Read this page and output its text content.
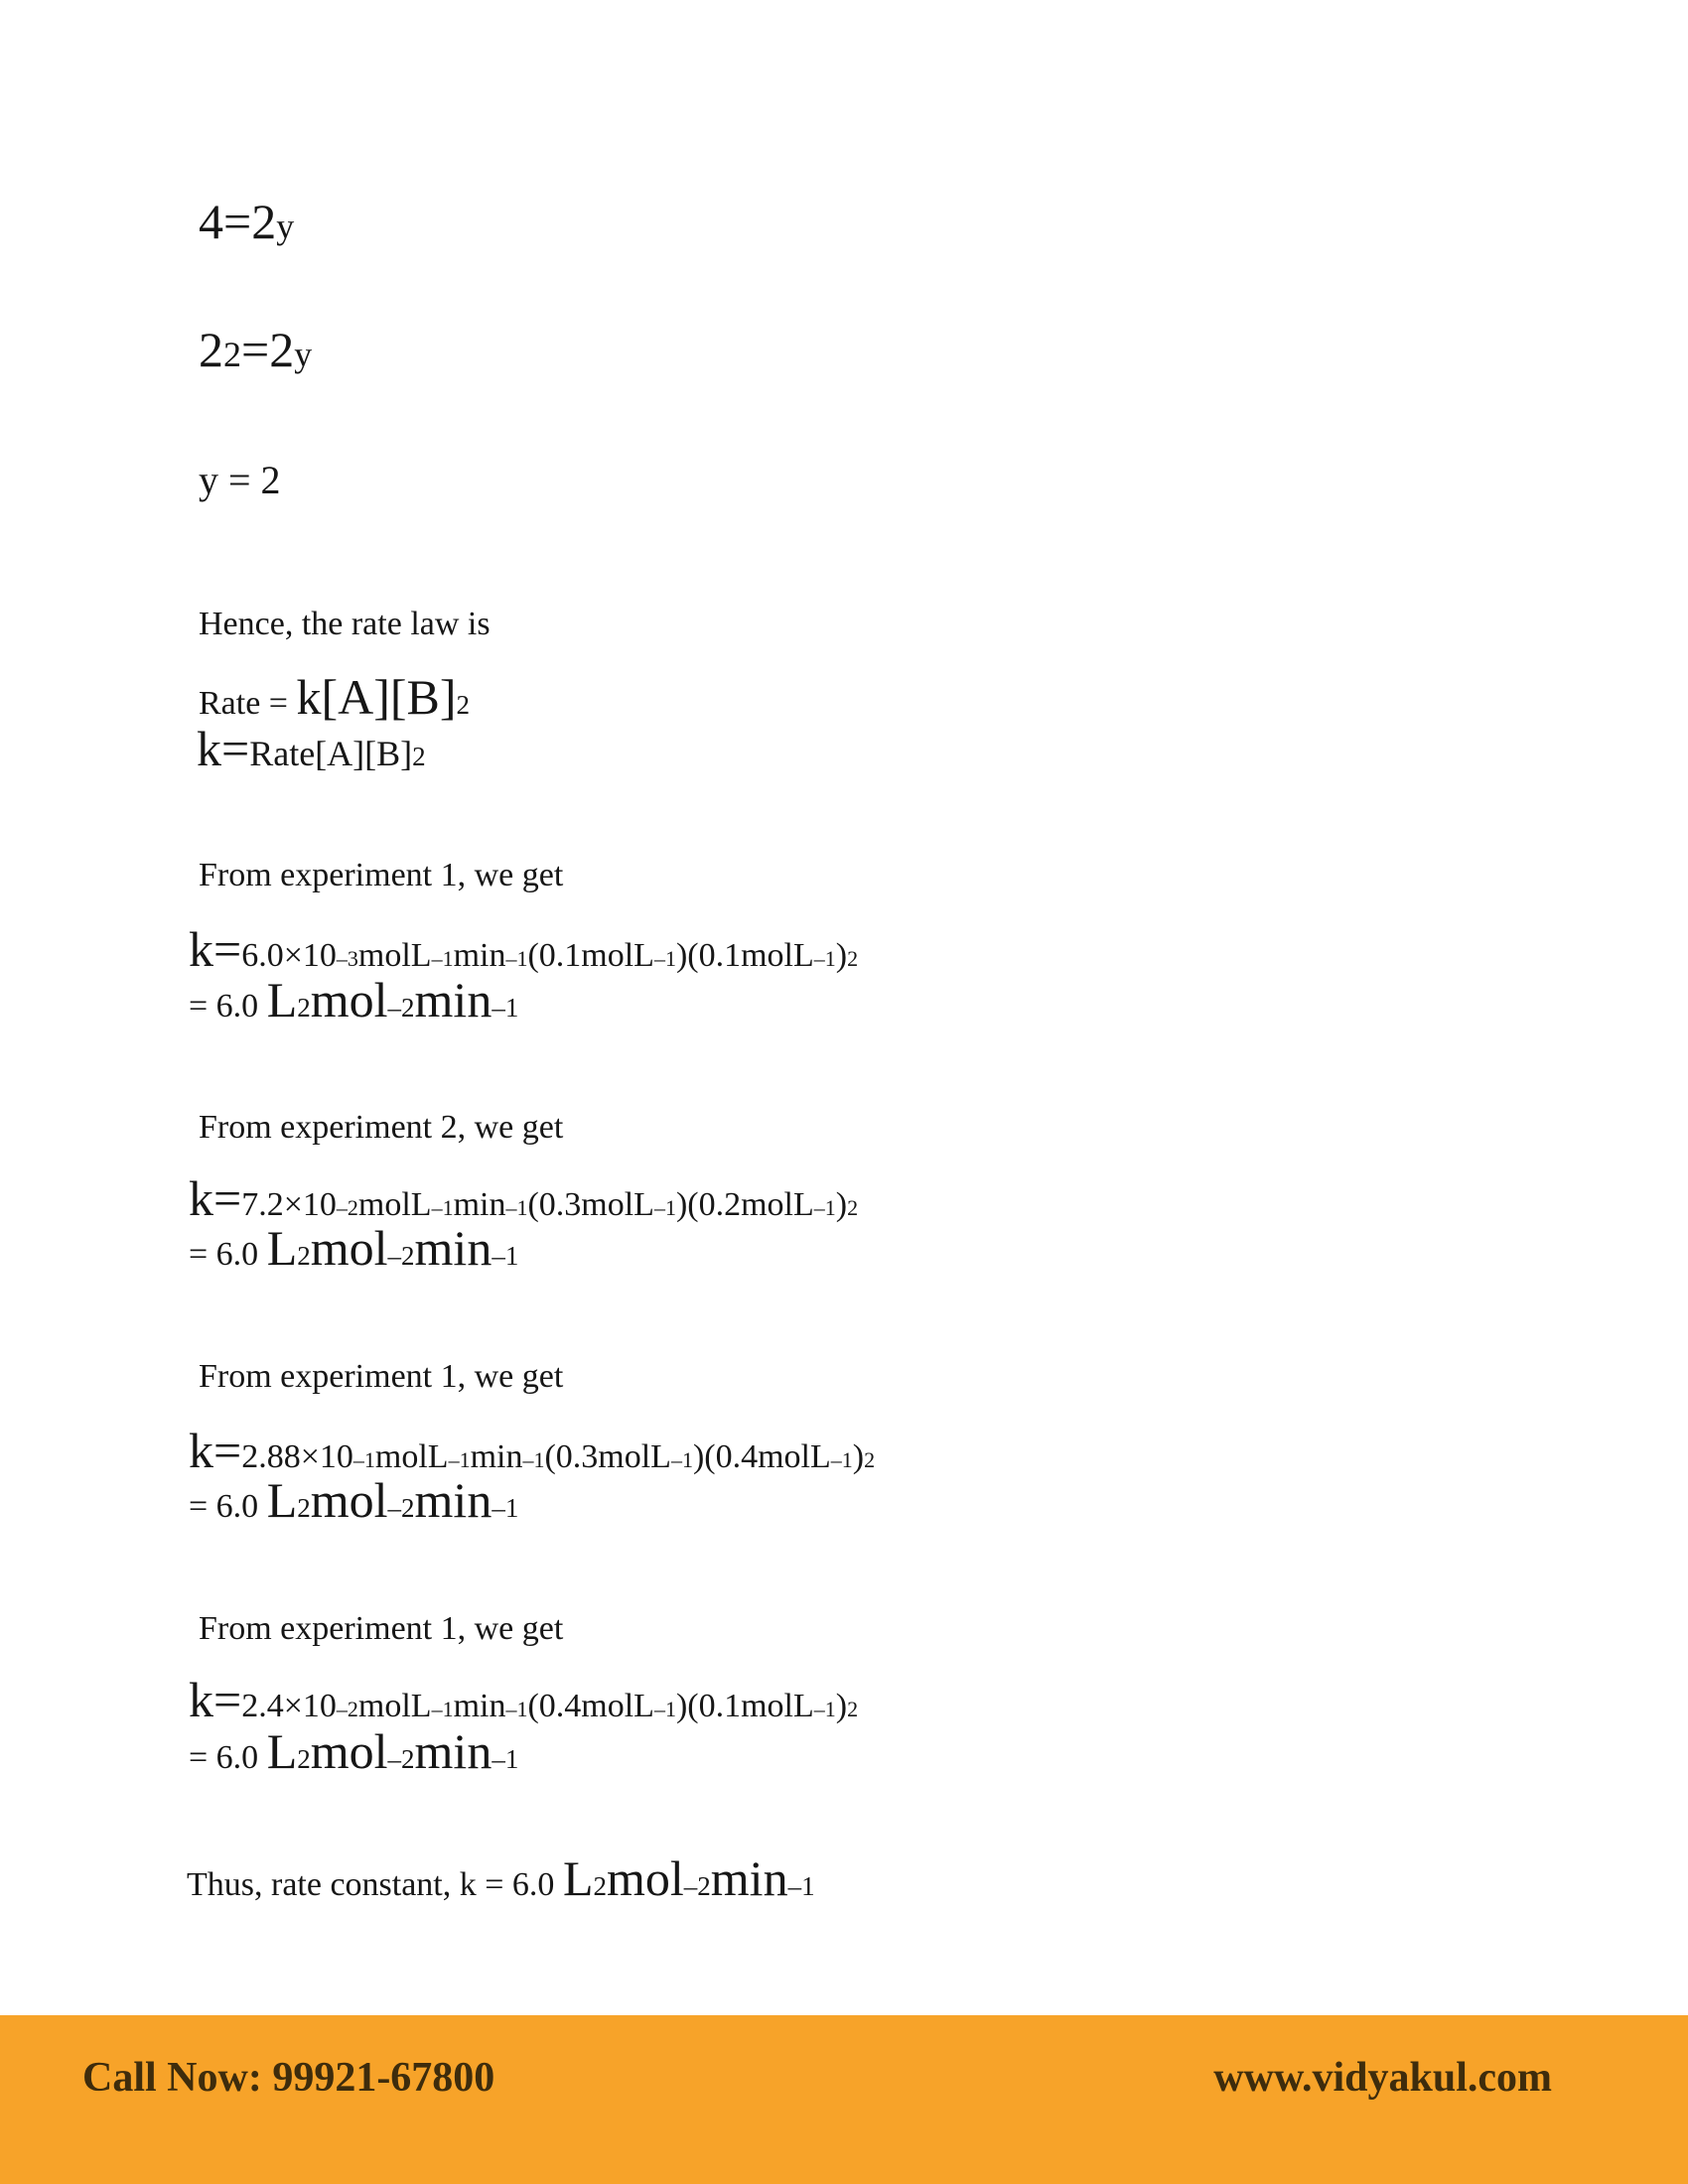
4=2y
22=2y
y = 2
Hence, the rate law is
Rate = k[A][B]2
k=Rate[A][B]2
From experiment 1, we get
k=6.0×10–3molL–1min–1(0.1molL–1)(0.1molL–1)2
= 6.0 L2mol–2min–1
From experiment 2, we get
k=7.2×10–2molL–1min–1(0.3molL–1)(0.2molL–1)2
= 6.0 L2mol–2min–1
From experiment 1, we get
k=2.88×10–1molL–1min–1(0.3molL–1)(0.4molL–1)2
= 6.0 L2mol–2min–1
From experiment 1, we get
k=2.4×10–2molL–1min–1(0.4molL–1)(0.1molL–1)2
= 6.0 L2mol–2min–1
Thus, rate constant, k = 6.0 L2mol–2min–1
Call Now: 99921-67800	www.vidyakul.com
